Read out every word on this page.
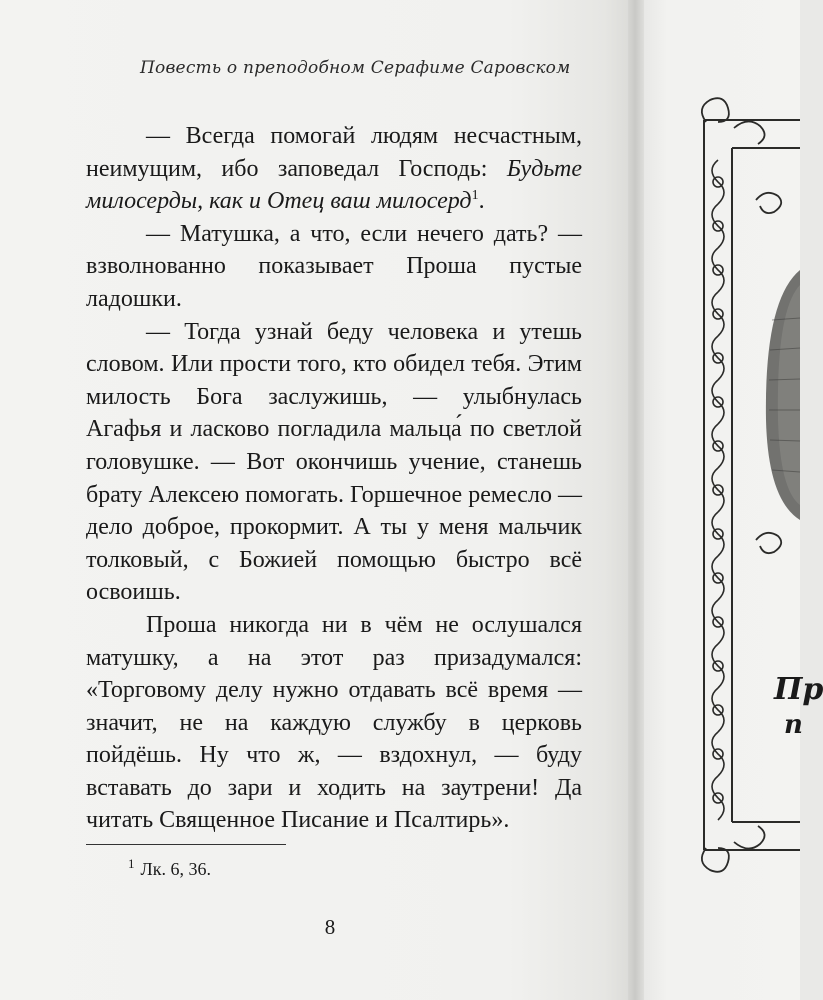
Повесть о преподобном Серафиме Саровском

— Всегда помогай людям несчастным, неимущим, ибо заповедал Господь: Будьте милосерды, как и Отец ваш милосерд$^1$.

— Матушка, а что, если нечего дать? — взволнованно показывает Проша пустые ладошки.

— Тогда узнай беду человека и утешь словом. Или прости того, кто обидел тебя. Этим милость Бога заслужишь, — улыбнулась Агафья и ласково погладила мальца́ по светлой головушке. — Вот окончишь учение, станешь брату Алексею помогать. Горшечное ремесло — дело доброе, прокормит. А ты у меня мальчик толковый, с Божией помощью быстро всё освоишь.

Проша никогда ни в чём не ослушался матушку, а на этот раз призадумался: «Торговому делу нужно отдавать всё время — значит, не на каждую службу в церковь пойдёшь. Ну что ж, — вздохнул, — буду вставать до зари и ходить на заутрени! Да читать Священное Писание и Псалтирь».

$^1$ Лк. 6, 36.
8
Пр
п
